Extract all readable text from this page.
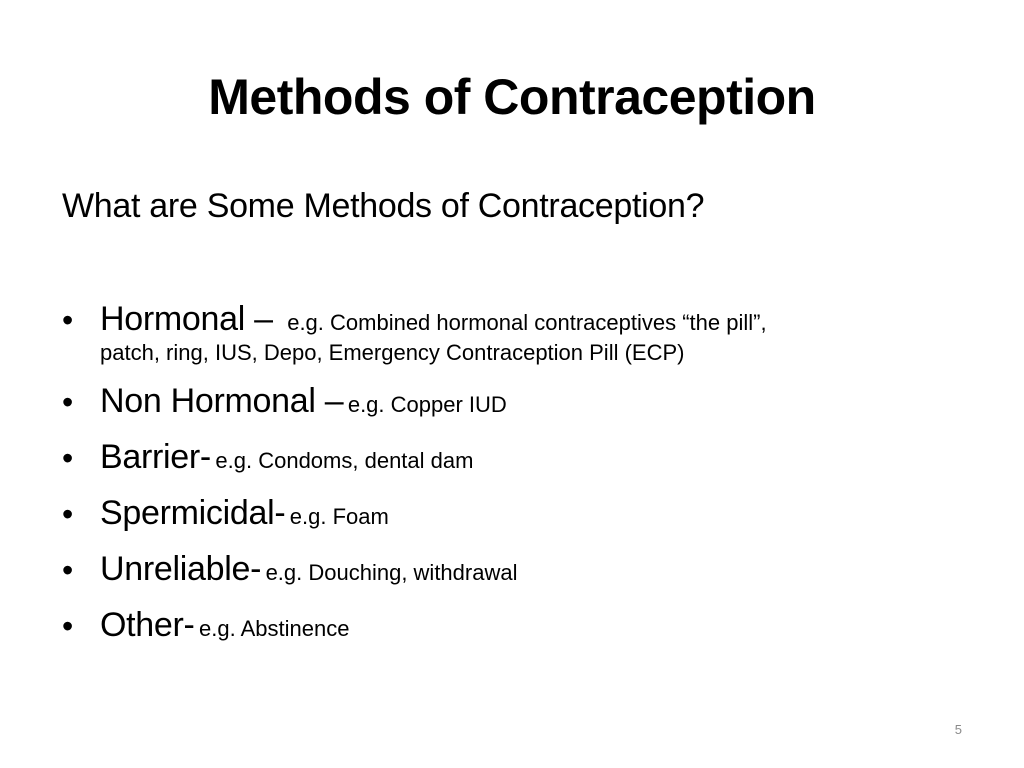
Methods of Contraception
What are Some Methods of Contraception?
• Hormonal – e.g. Combined hormonal contraceptives “the pill”,
patch, ring, IUS, Depo, Emergency Contraception Pill (ECP)
• Non Hormonal – e.g. Copper IUD
• Barrier- e.g. Condoms, dental dam
• Spermicidal- e.g. Foam
• Unreliable- e.g. Douching, withdrawal
• Other- e.g. Abstinence
5
